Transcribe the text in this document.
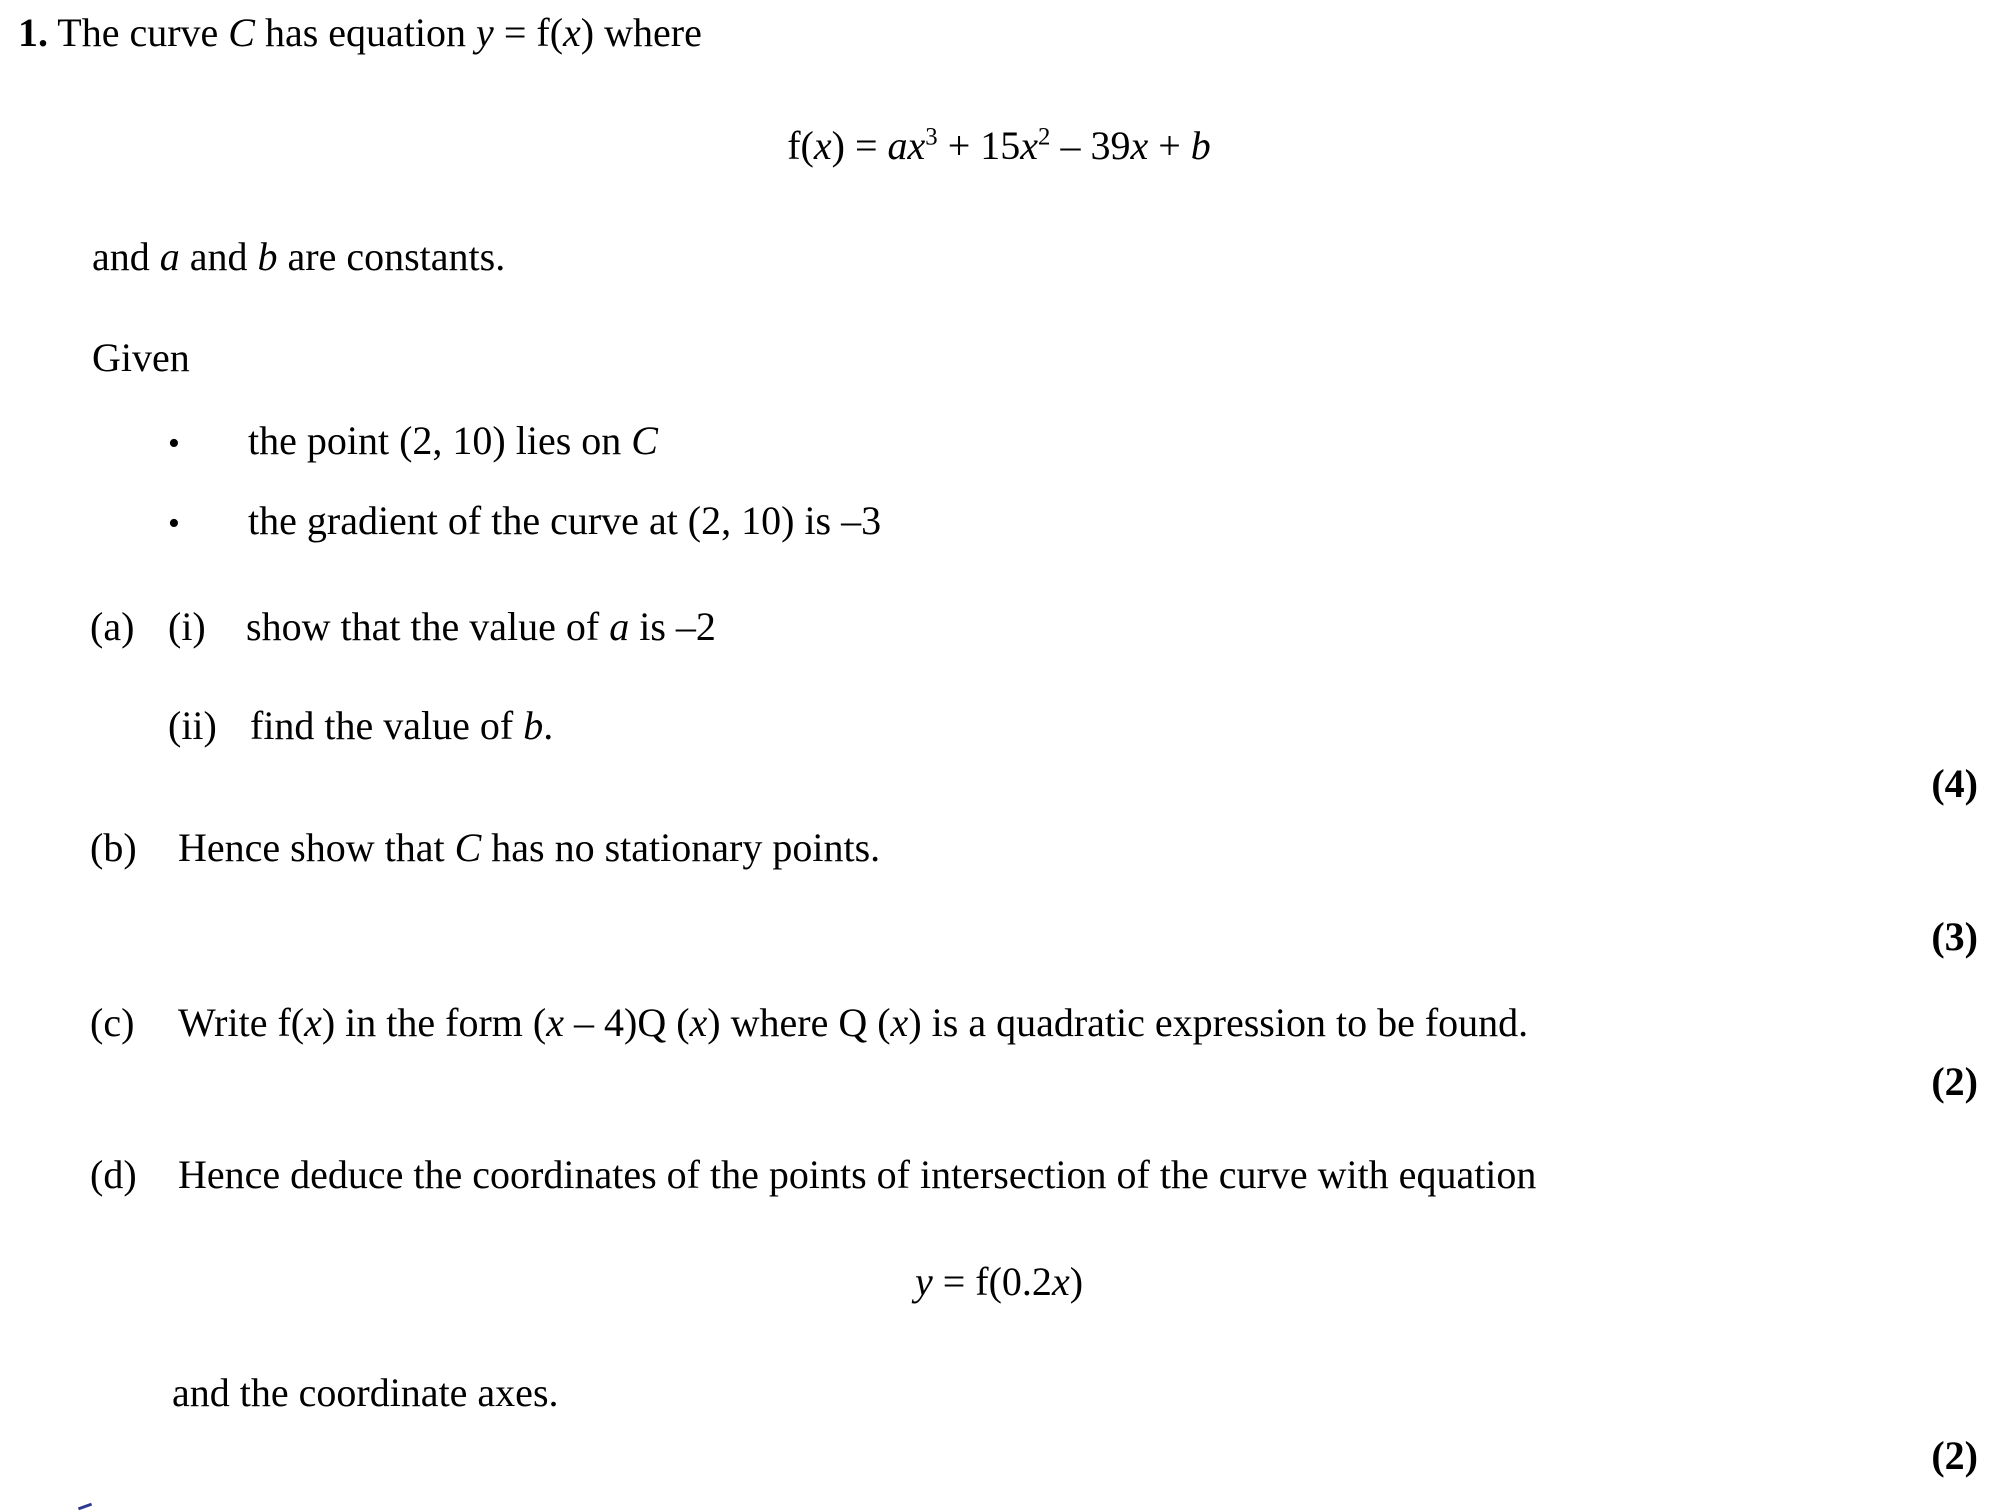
1. The curve C has equation y = f(x) where
$f(x) = ax^3 + 15x^2 - 39x + b$
and a and b are constants.
Given
• the point (2, 10) lies on C
• the gradient of the curve at (2, 10) is –3
(a) (i) show that the value of a is –2
(ii) find the value of b.
(4)
(b) Hence show that C has no stationary points.
(3)
(c) Write f(x) in the form (x – 4)Q (x) where Q (x) is a quadratic expression to be found.
(2)
(d) Hence deduce the coordinates of the points of intersection of the curve with equation
y = f(0.2x)
and the coordinate axes.
(2)
